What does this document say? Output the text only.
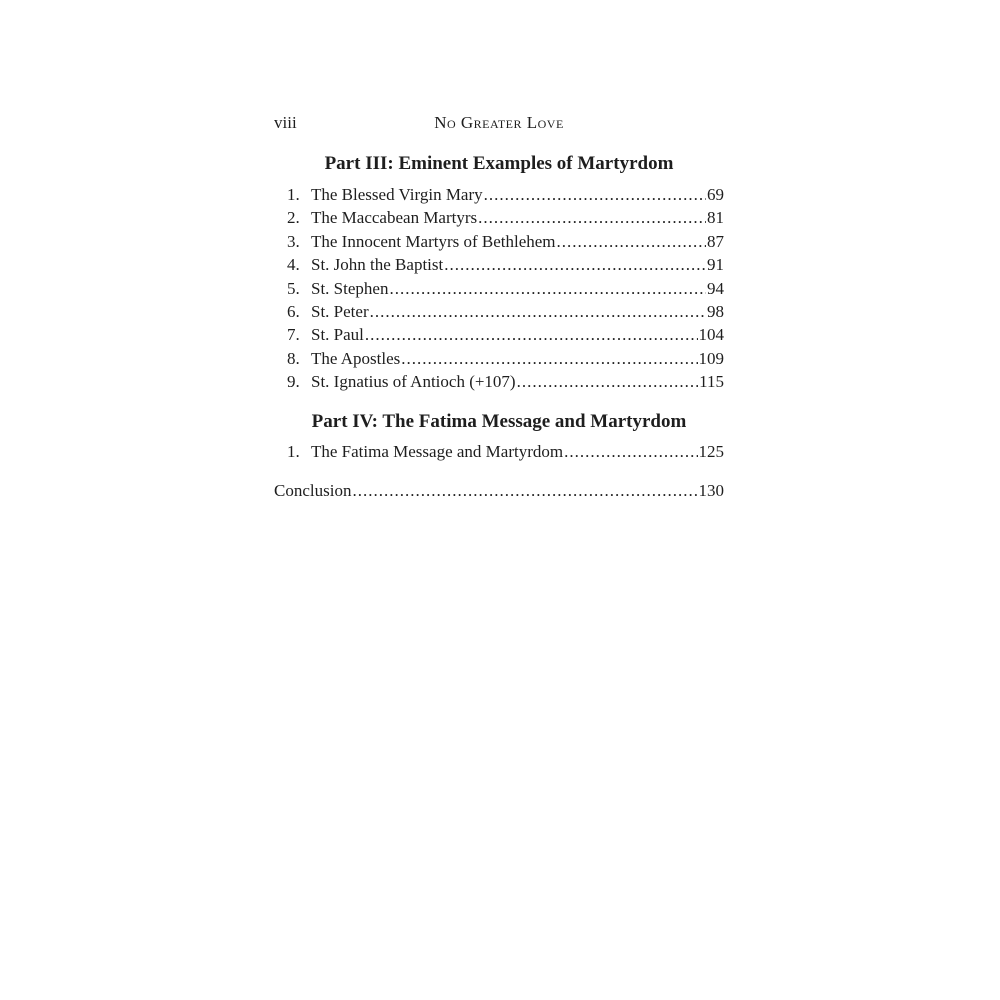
viii	No Greater Love
Part III: Eminent Examples of Martyrdom
1. The Blessed Virgin Mary .....	69
2. The Maccabean Martyrs .....	81
3. The Innocent Martyrs of Bethlehem .....	87
4. St. John the Baptist .....	91
5. St. Stephen .....	94
6. St. Peter .....	98
7. St. Paul .....	104
8. The Apostles .....	109
9. St. Ignatius of Antioch (+107) .....	115
Part IV: The Fatima Message and Martyrdom
1. The Fatima Message and Martyrdom .....	125
Conclusion .....	130
